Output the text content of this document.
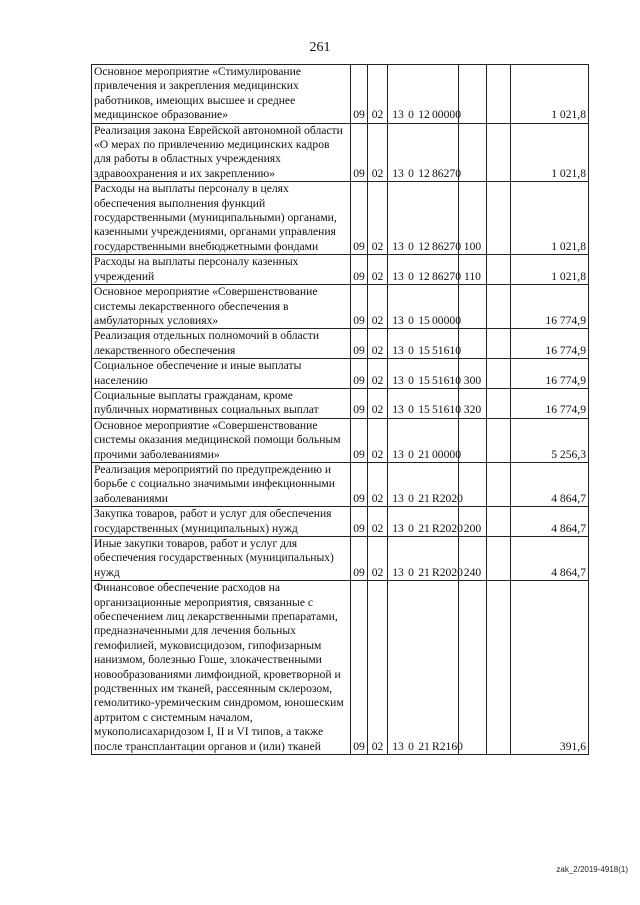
261
Основное мероприятие «Стимулирование привлечения и закрепления медицинских работников, имеющих высшее и среднее медицинское образование»	09	02	13 0 12 00000			1 021,8
Реализация закона Еврейской автономной области «О мерах по привлечению медицинских кадров для работы в областных учреждениях здравоохранения и их закреплению»	09	02	13 0 12 86270			1 021,8
Расходы на выплаты персоналу в целях обеспечения выполнения функций государственными (муниципальными) органами, казенными учреждениями, органами управления государственными внебюджетными фондами	09	02	13 0 12 86270	100		1 021,8
Расходы на выплаты персоналу казенных учреждений	09	02	13 0 12 86270	110		1 021,8
Основное мероприятие «Совершенствование системы лекарственного обеспечения в амбулаторных условиях»	09	02	13 0 15 00000			16 774,9
Реализация отдельных полномочий в области лекарственного обеспечения	09	02	13 0 15 51610			16 774,9
Социальное обеспечение и иные выплаты населению	09	02	13 0 15 51610	300		16 774,9
Социальные выплаты гражданам, кроме публичных нормативных социальных выплат	09	02	13 0 15 51610	320		16 774,9
Основное мероприятие «Совершенствование системы оказания медицинской помощи больным прочими заболеваниями»	09	02	13 0 21 00000			5 256,3
Реализация мероприятий по предупреждению и борьбе с социально значимыми инфекционными заболеваниями	09	02	13 0 21 R2020			4 864,7
Закупка товаров, работ и услуг для обеспечения государственных (муниципальных) нужд	09	02	13 0 21 R2020	200		4 864,7
Иные закупки товаров, работ и услуг для обеспечения государственных (муниципальных) нужд	09	02	13 0 21 R2020	240		4 864,7
Финансовое обеспечение расходов на организационные мероприятия, связанные с обеспечением лиц лекарственными препаратами, предназначенными для лечения больных гемофилией, муковисцидозом, гипофизарным нанизмом, болезнью Гоше, злокачественными новообразованиями лимфоидной, кроветворной и родственных им тканей, рассеянным склерозом, гемолитико-уремическим синдромом, юношеским артритом с системным началом, мукополисахаридозом I, II и VI типов, а также после трансплантации органов и (или) тканей	09	02	13 0 21 R2160			391,6
zak_2/2019-4918(1)
